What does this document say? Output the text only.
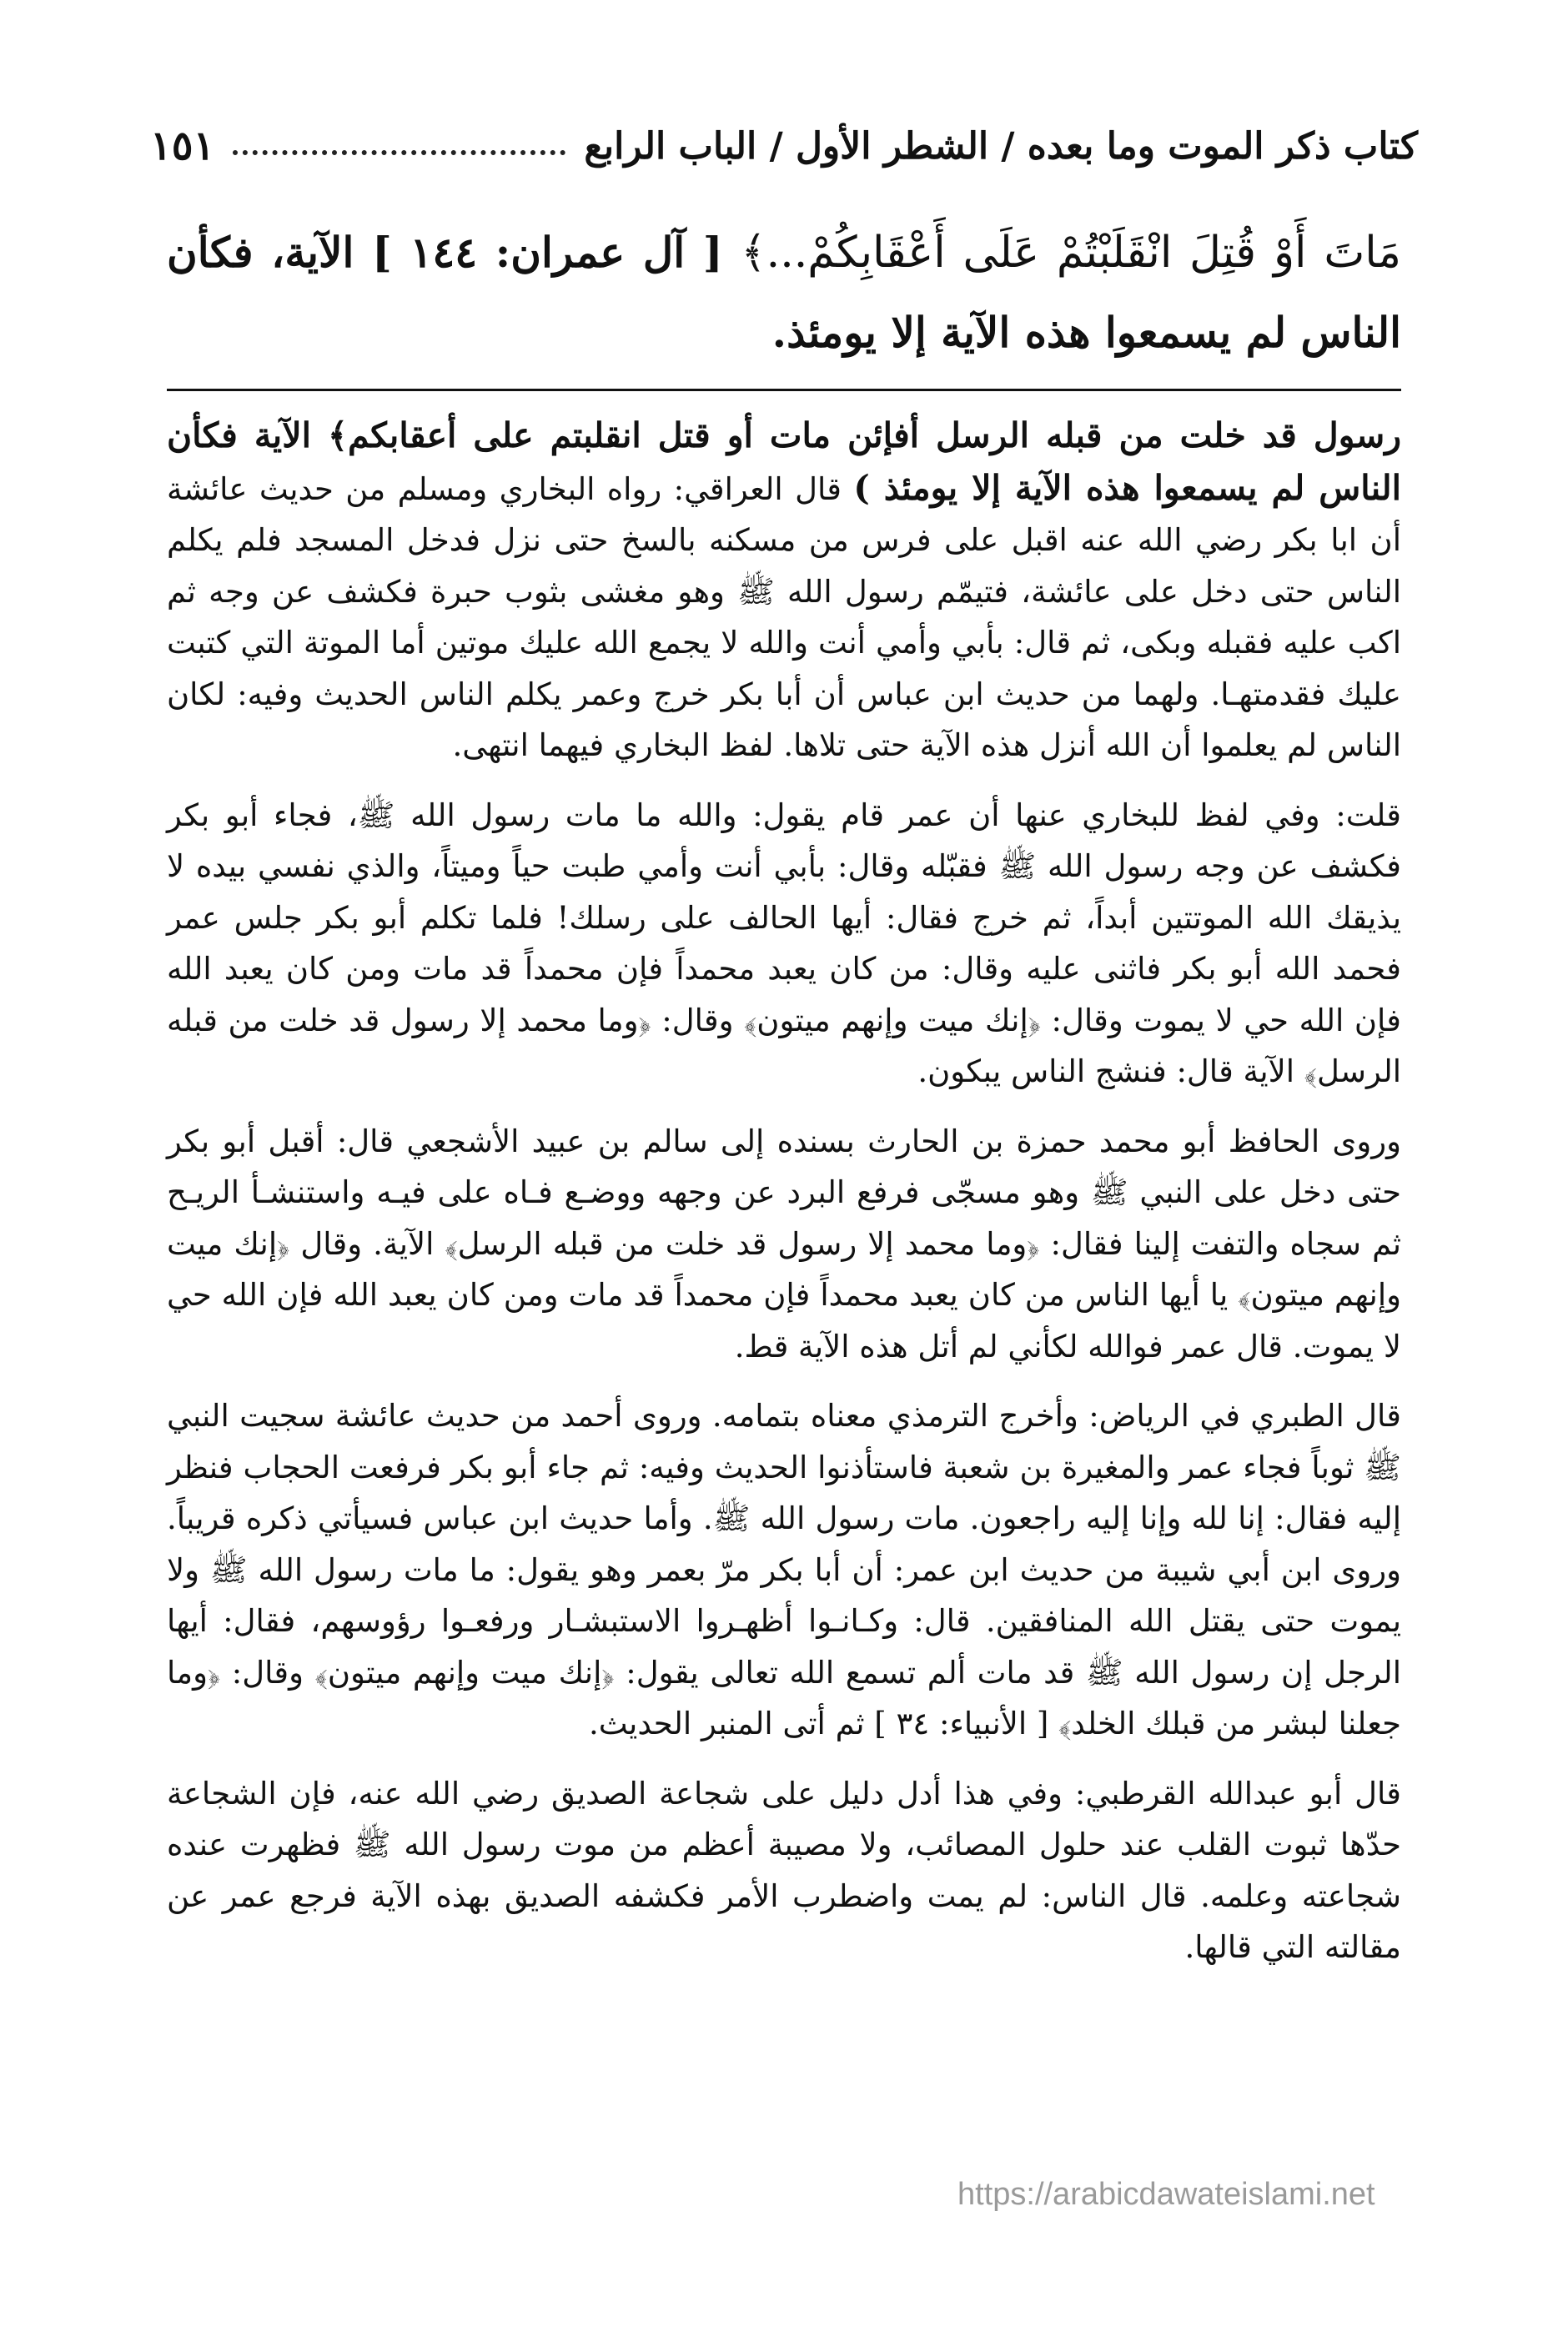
كتاب ذكر الموت وما بعده / الشطر الأول / الباب الرابع
١٥١

مَاتَ أَوْ قُتِلَ انْقَلَبْتُمْ عَلَى أَعْقَابِكُمْ...﴾ [ آل عمران: ١٤٤ ] الآية، فكأن الناس لم يسمعوا هذه الآية إلا يومئذ.

رسول قد خلت من قبله الرسل أفإئن مات أو قتل انقلبتم على أعقابكم﴾ الآية فكأن الناس لم يسمعوا هذه الآية إلا يومئذ ) قال العراقي: رواه البخاري ومسلم من حديث عائشة أن ابا بكر رضي الله عنه اقبل على فرس من مسكنه بالسخ حتى نزل فدخل المسجد فلم يكلم الناس حتى دخل على عائشة، فتيمّم رسول الله ﷺ وهو مغشى بثوب حبرة فكشف عن وجه ثم اكب عليه فقبله وبكى، ثم قال: بأبي وأمي أنت والله لا يجمع الله عليك موتين أما الموتة التي كتبت عليك فقدمتهـا. ولهما من حديث ابن عباس أن أبا بكر خرج وعمر يكلم الناس الحديث وفيه: لكان الناس لم يعلموا أن الله أنزل هذه الآية حتى تلاها. لفظ البخاري فيهما انتهى.

قلت: وفي لفظ للبخاري عنها أن عمر قام يقول: والله ما مات رسول الله ﷺ، فجاء أبو بكر فكشف عن وجه رسول الله ﷺ فقبّله وقال: بأبي أنت وأمي طبت حياً وميتاً، والذي نفسي بيده لا يذيقك الله الموتتين أبداً، ثم خرج فقال: أيها الحالف على رسلك! فلما تكلم أبو بكر جلس عمر فحمد الله أبو بكر فاثنى عليه وقال: من كان يعبد محمداً فإن محمداً قد مات ومن كان يعبد الله فإن الله حي لا يموت وقال: ﴿إنك ميت وإنهم ميتون﴾ وقال: ﴿وما محمد إلا رسول قد خلت من قبله الرسل﴾ الآية قال: فنشج الناس يبكون.

وروى الحافظ أبو محمد حمزة بن الحارث بسنده إلى سالم بن عبيد الأشجعي قال: أقبل أبو بكر حتى دخل على النبي ﷺ وهو مسجّى فرفع البرد عن وجهه ووضـع فـاه على فيـه واستنشـأ الريـح ثم سجاه والتفت إلينا فقال: ﴿وما محمد إلا رسول قد خلت من قبله الرسل﴾ الآية. وقال ﴿إنك ميت وإنهم ميتون﴾ يا أيها الناس من كان يعبد محمداً فإن محمداً قد مات ومن كان يعبد الله فإن الله حي لا يموت. قال عمر فوالله لكأني لم أتل هذه الآية قط.

قال الطبري في الرياض: وأخرج الترمذي معناه بتمامه. وروى أحمد من حديث عائشة سجيت النبي ﷺ ثوباً فجاء عمر والمغيرة بن شعبة فاستأذنوا الحديث وفيه: ثم جاء أبو بكر فرفعت الحجاب فنظر إليه فقال: إنا لله وإنا إليه راجعون. مات رسول الله ﷺ. وأما حديث ابن عباس فسيأتي ذكره قريباً. وروى ابن أبي شيبة من حديث ابن عمر: أن أبا بكر مرّ بعمر وهو يقول: ما مات رسول الله ﷺ ولا يموت حتى يقتل الله المنافقين. قال: وكـانـوا أظهـروا الاستبشـار ورفعـوا رؤوسهم، فقال: أيها الرجل إن رسول الله ﷺ قد مات ألم تسمع الله تعالى يقول: ﴿إنك ميت وإنهم ميتون﴾ وقال: ﴿وما جعلنا لبشر من قبلك الخلد﴾ [ الأنبياء: ٣٤ ] ثم أتى المنبر الحديث.

قال أبو عبدالله القرطبي: وفي هذا أدل دليل على شجاعة الصديق رضي الله عنه، فإن الشجاعة حدّها ثبوت القلب عند حلول المصائب، ولا مصيبة أعظم من موت رسول الله ﷺ فظهرت عنده شجاعته وعلمه. قال الناس: لم يمت واضطرب الأمر فكشفه الصديق بهذه الآية فرجع عمر عن مقالته التي قالها.

https://arabicdawateislami.net
